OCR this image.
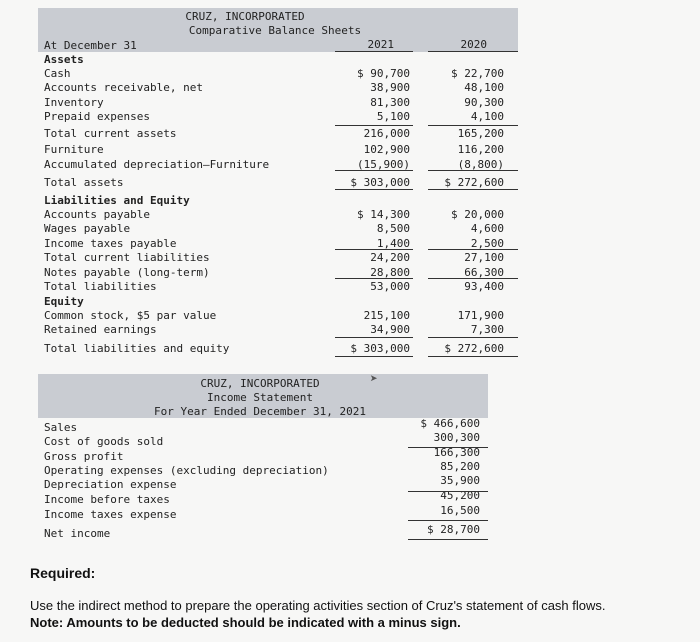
CRUZ, INCORPORATED
Comparative Balance Sheets
At December 31	2021	2020
Assets
Cash	$ 90,700	$ 22,700
Accounts receivable, net	38,900	48,100
Inventory	81,300	90,300
Prepaid expenses	5,100	4,100
Total current assets	216,000	165,200
Furniture	102,900	116,200
Accumulated depreciation—Furniture	(15,900)	(8,800)
Total assets	$ 303,000	$ 272,600
Liabilities and Equity
Accounts payable	$ 14,300	$ 20,000
Wages payable	8,500	4,600
Income taxes payable	1,400	2,500
Total current liabilities	24,200	27,100
Notes payable (long-term)	28,800	66,300
Total liabilities	53,000	93,400
Equity
Common stock, $5 par value	215,100	171,900
Retained earnings	34,900	7,300
Total liabilities and equity	$ 303,000	$ 272,600
CRUZ, INCORPORATED
Income Statement
For Year Ended December 31, 2021
➤
Sales	$ 466,600
Cost of goods sold	300,300
Gross profit	166,300
Operating expenses (excluding depreciation)	85,200
Depreciation expense	35,900
Income before taxes	45,200
Income taxes expense	16,500
Net income	$ 28,700
Required:
Use the indirect method to prepare the operating activities section of Cruz's statement of cash flows.
Note: Amounts to be deducted should be indicated with a minus sign.
